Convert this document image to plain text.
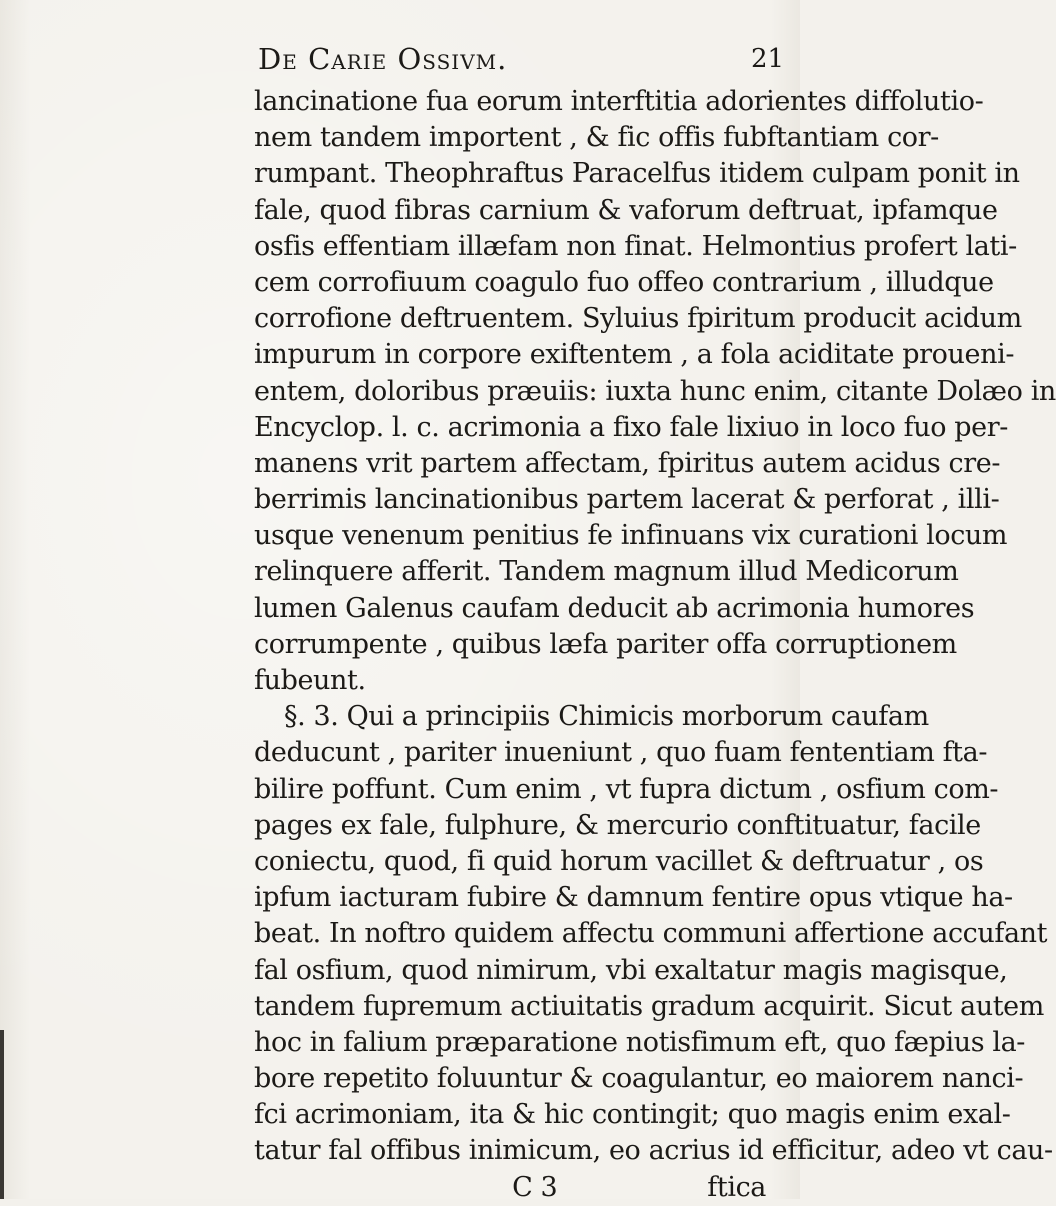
De Carie Ossivm.	21
lancinatione fua eorum interftitia adorientes diffolutio-
nem tandem importent , & fic offis fubftantiam cor-
rumpant. Theophraftus Paracelfus itidem culpam ponit in
fale, quod fibras carnium & vaforum deftruat, ipfamque
osfis effentiam illæfam non finat. Helmontius profert lati-
cem corrofiuum coagulo fuo offeo contrarium , illudque
corrofione deftruentem. Syluius fpiritum producit acidum
impurum in corpore exiftentem , a fola aciditate proueni-
entem, doloribus præuiis: iuxta hunc enim, citante Dolæo in
Encyclop. l. c. acrimonia a fixo fale lixiuo in loco fuo per-
manens vrit partem affectam, fpiritus autem acidus cre-
berrimis lancinationibus partem lacerat & perforat , illi-
usque venenum penitius fe infinuans vix curationi locum
relinquere afferit. Tandem magnum illud Medicorum
lumen Galenus caufam deducit ab acrimonia humores
corrumpente , quibus læfa pariter offa corruptionem
fubeunt.
§. 3. Qui a principiis Chimicis morborum caufam
deducunt , pariter inueniunt , quo fuam fententiam fta-
bilire poffunt. Cum enim , vt fupra dictum , osfium com-
pages ex fale, fulphure, & mercurio conftituatur, facile
coniectu, quod, fi quid horum vacillet & deftruatur , os
ipfum iacturam fubire & damnum fentire opus vtique ha-
beat. In noftro quidem affectu communi affertione accufant
fal osfium, quod nimirum, vbi exaltatur magis magisque,
tandem fupremum actiuitatis gradum acquirit. Sicut autem
hoc in falium præparatione notisfimum eft, quo fæpius la-
bore repetito foluuntur & coagulantur, eo maiorem nanci-
fci acrimoniam, ita & hic contingit; quo magis enim exal-
tatur fal offibus inimicum, eo acrius id efficitur, adeo vt cau-
C 3	ftica
